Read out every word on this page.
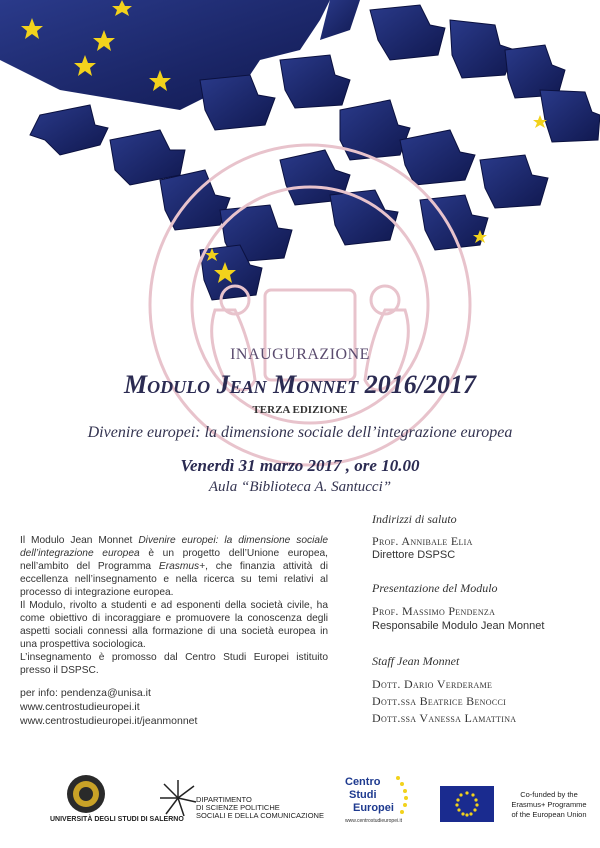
INAUGURAZIONE
Modulo Jean Monnet 2016/2017
TERZA EDIZIONE
Divenire europei: la dimensione sociale dell’integrazione europea
Venerdì 31 marzo 2017 , ore 10.00
Aula “Biblioteca A. Santucci”

Il Modulo Jean Monnet Divenire europei: la dimensione sociale dell’integrazione europea è un progetto dell’Unione europea, nell’ambito del Programma Erasmus+, che finanzia attività di eccellenza nell’insegnamento e nella ricerca su temi relativi al processo di integrazione europea.

Il Modulo, rivolto a studenti e ad esponenti della società civile, ha come obiettivo di incoraggiare e promuovere la conoscenza degli aspetti sociali connessi alla formazione di una società europea in una prospettiva sociologica.

L’insegnamento è promosso dal Centro Studi Europei istituito presso il DSPSC.

per info: pendenza@unisa.it
www.centrostudieuropei.it
www.centrostudieuropei.it/jeanmonnet
Indirizzi di saluto
Prof. Annibale Elia
Direttore DSPSC
Presentazione del Modulo
Prof. Massimo Pendenza
Responsabile Modulo Jean Monnet
Staff Jean Monnet
Dott. Dario Verderame
Dott.ssa Beatrice Benocci
Dott.ssa Vanessa Lamattina
UNIVERSITÀ DEGLI STUDI DI SALERNO
DIPARTIMENTO
DI SCIENZE POLITICHE
SOCIALI E DELLA COMUNICAZIONE
Centro
Studi
Europei
www.centrostudieuropei.it
Co-funded by the
Erasmus+ Programme
of the European Union
